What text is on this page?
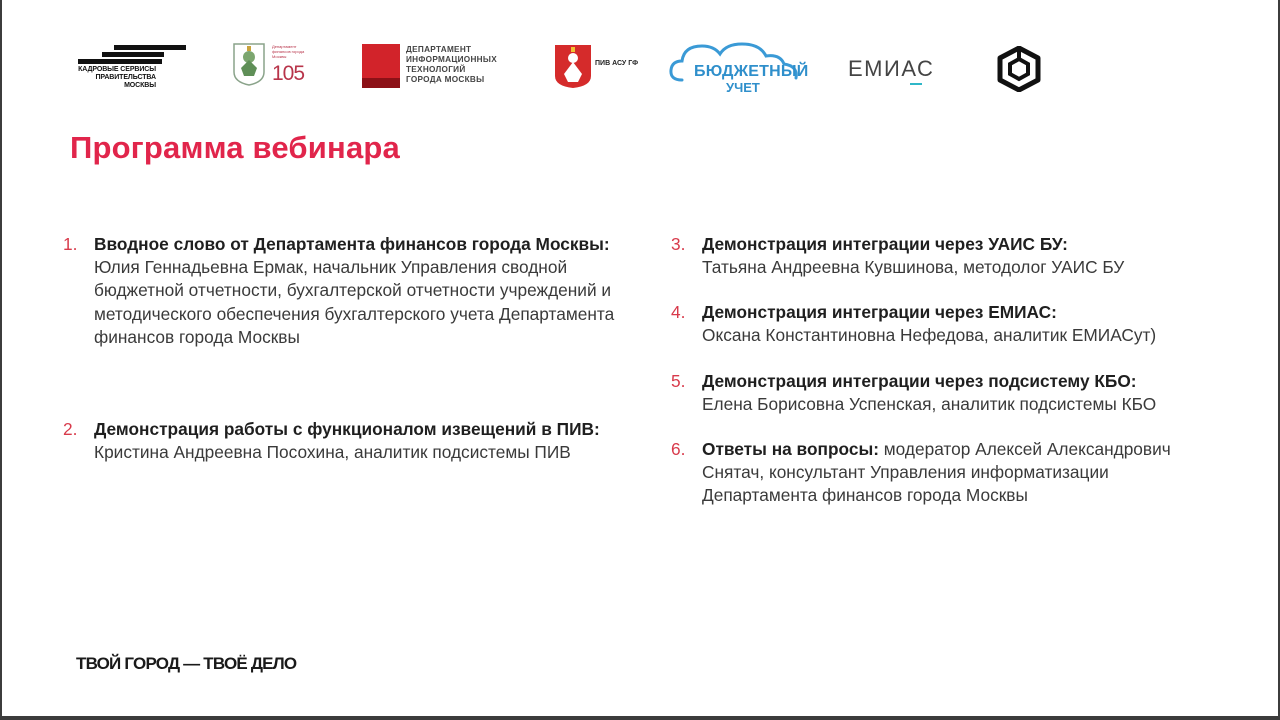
КАДРОВЫЕ СЕРВИСЫ ПРАВИТЕЛЬСТВА МОСКВЫ
Департамент финансов города Москвы
105
ДЕПАРТАМЕНТ
ИНФОРМАЦИОННЫХ
ТЕХНОЛОГИЙ
ГОРОДА МОСКВЫ
ПИВ АСУ ГФ	БЮДЖЕТНЫЙ
УЧЕТ
ЕМИАС
Программа вебинара
1. Вводное слово от Департамента финансов города Москвы: Юлия Геннадьевна Ермак, начальник Управления сводной бюджетной отчетности, бухгалтерской отчетности учреждений и методического обеспечения бухгалтерского учета Департамента финансов города Москвы
2. Демонстрация работы с функционалом извещений в ПИВ: Кристина Андреевна Посохина, аналитик подсистемы ПИВ
3. Демонстрация интеграции через УАИС БУ:
Татьяна Андреевна Кувшинова, методолог УАИС БУ
4. Демонстрация интеграции через ЕМИАС:
Оксана Константиновна Нефедова, аналитик ЕМИАСут)
5. Демонстрация интеграции через подсистему КБО:
Елена Борисовна Успенская, аналитик подсистемы КБО
6. Ответы на вопросы: модератор Алексей Александрович Снятач, консультант Управления информатизации Департамента финансов города Москвы
ТВОЙ ГОРОД — ТВОЁ ДЕЛО
